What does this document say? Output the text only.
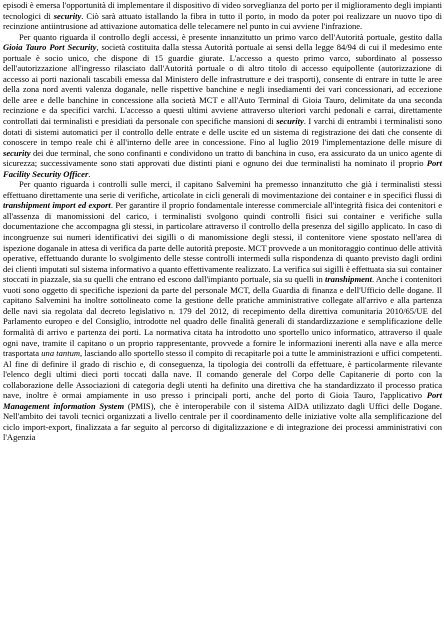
episodi è emersa l'opportunità di implementare il dispositivo di video sorveglianza del porto per il miglioramento degli impianti tecnologici di security. Ciò sarà attuato istallando la fibra in tutto il porto, in modo da poter poi realizzare un nuovo tipo di recinzione antiintrusione ad attivazione automatica delle telecamere nel punto in cui avviene l'infrazione.

Per quanto riguarda il controllo degli accessi, è presente innanzitutto un primo varco dell'Autorità portuale, gestito dalla Gioia Tauro Port Security, società costituita dalla stessa Autorità portuale ai sensi della legge 84/94 di cui il medesimo ente portuale è socio unico, che dispone di 15 guardie giurate. L'accesso a questo primo varco, subordinato al possesso dell'autorizzazione all'ingresso rilasciato dall'Autorità portuale o di altro titolo di accesso equipollente (autorizzazione di accesso ai porti nazionali tascabili emessa dal Ministero delle infrastrutture e dei trasporti), consente di entrare in tutte le aree della zona nord aventi valenza doganale, nelle rispettive banchine e negli insediamenti dei vari concessionari, ad eccezione delle aree e delle banchine in concessione alla società MCT e all'Auto Terminal di Gioia Tauro, delimitate da una seconda recinzione e da specifici varchi. L'accesso a questi ultimi avviene attraverso ulteriori varchi pedonali e carrai, direttamente controllati dai terminalisti e presidiati da personale con specifiche mansioni di security. I varchi di entrambi i terminalisti sono dotati di sistemi automatici per il controllo delle entrate e delle uscite ed un sistema di registrazione dei dati che consente di conoscere in tempo reale chi è all'interno delle aree in concessione. Fino al luglio 2019 l'implementazione delle misure di security dei due terminal, che sono confinanti e condividono un tratto di banchina in cuso, era assicurato da un unico agente di sicurezza; successivamente sono stati approvati due distinti piani e ognuno dei due terminalisti ha nominato il proprio Port Facility Security Officer.

Per quanto riguarda i controlli sulle merci, il capitano Salvemini ha premesso innanzitutto che già i terminalisti stessi effettuano direttamente una serie di verifiche, articolate in cicli generali di movimentazione dei container e in specifici flussi di transhipment import ed export. Per garantire il proprio fondamentale interesse commerciale all'integrità fisica dei contenitori e all'assenza di manomissioni del carico, i terminalisti svolgono quindi controlli fisici sui container e verifiche sulla documentazione che accompagna gli stessi, in particolare attraverso il controllo della presenza del sigillo applicato. In caso di incongruenze sui numeri identificativi dei sigilli o di manomissione degli stessi, il contenitore viene spostato nell'area di ispezione doganale in attesa di verifica da parte delle autorità preposte. MCT provvede a un monitoraggio continuo delle attività operative, effettuando durante lo svolgimento delle stesse controlli intermedi sulla rispondenza di quanto previsto dagli ordini dei clienti imputati sul sistema informativo a quanto effettivamente realizzato. La verifica sui sigilli è effettuata sia sui container stoccati in piazzale, sia su quelli che entrano ed escono dall'impianto portuale, sia su quelli in transhipment. Anche i contenitori vuoti sono oggetto di specifiche ispezioni da parte del personale MCT, della Guardia di finanza e dell'Ufficio delle dogane. Il capitano Salvemini ha inoltre sottolineato come la gestione delle pratiche amministrative collegate all'arrivo e alla partenza delle navi sia regolata dal decreto legislativo n. 179 del 2012, di recepimento della direttiva comunitaria 2010/65/UE del Parlamento europeo e del Consiglio, introdotte nel quadro delle finalità generali di standardizzazione e semplificazione delle formalità di arrivo e partenza dei porti. La normativa citata ha introdotto uno sportello unico informatico, attraverso il quale ogni nave, tramite il capitano o un proprio rappresentante, provvede a fornire le informazioni inerenti alla nave e alla merce trasportata una tantum, lasciando allo sportello stesso il compito di recapitarle poi a tutte le amministrazioni e uffici competenti. Al fine di definire il grado di rischio e, di conseguenza, la tipologia dei controlli da effettuare, è particolarmente rilevante l'elenco degli ultimi dieci porti toccati dalla nave. Il comando generale del Corpo delle Capitanerie di porto con la collaborazione delle Associazioni di categoria degli utenti ha definito una direttiva che ha standardizzato il processo pratica nave, inoltre è ormai ampiamente in uso presso i principali porti, anche del porto di Gioia Tauro, l'applicativo Port Management information System (PMIS), che è interoperabile con il sistema AIDA utilizzato dagli Uffici delle Dogane. Nell'ambito dei tavoli tecnici organizzati a livello centrale per il coordinamento delle iniziative volte alla semplificazione del ciclo import-export, finalizzata a far seguito al percorso di digitalizzazione e di integrazione dei processi amministrativi con l'Agenzia
